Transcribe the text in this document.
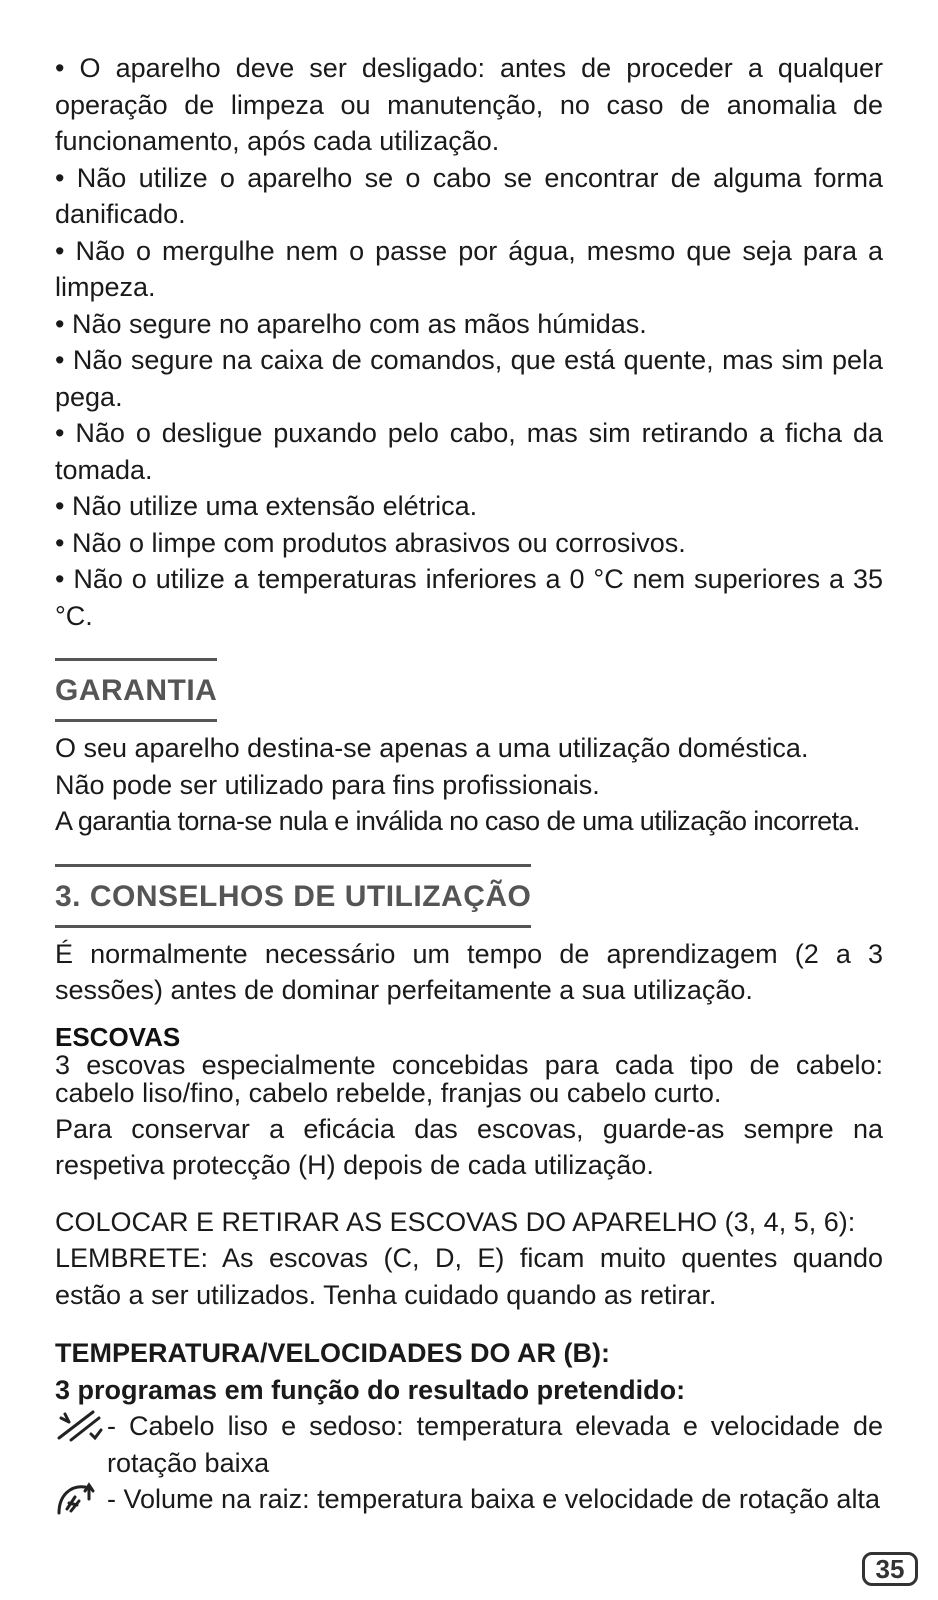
• O aparelho deve ser desligado: antes de proceder a qualquer operação de limpeza ou manutenção, no caso de anomalia de funcionamento, após cada utilização.

• Não utilize o aparelho se o cabo se encontrar de alguma forma danificado.

• Não o mergulhe nem o passe por água, mesmo que seja para a limpeza.

• Não segure no aparelho com as mãos húmidas.

• Não segure na caixa de comandos, que está quente, mas sim pela pega.

• Não o desligue puxando pelo cabo, mas sim retirando a ficha da tomada.

• Não utilize uma extensão elétrica.

• Não o limpe com produtos abrasivos ou corrosivos.

• Não o utilize a temperaturas inferiores a 0 °C nem superiores a 35 °C.

GARANTIA

O seu aparelho destina-se apenas a uma utilização doméstica.

Não pode ser utilizado para fins profissionais.

A garantia torna-se nula e inválida no caso de uma utilização incorreta.

3. CONSELHOS DE UTILIZAÇÃO

É normalmente necessário um tempo de aprendizagem (2 a 3 sessões) antes de dominar perfeitamente a sua utilização.

ESCOVAS

3 escovas especialmente concebidas para cada tipo de cabelo: cabelo liso/fino, cabelo rebelde, franjas ou cabelo curto.

Para conservar a eficácia das escovas, guarde-as sempre na respetiva protecção (H) depois de cada utilização.

COLOCAR E RETIRAR AS ESCOVAS DO APARELHO (3, 4, 5, 6):

LEMBRETE: As escovas (C, D, E) ficam muito quentes quando estão a ser utilizados. Tenha cuidado quando as retirar.

TEMPERATURA/VELOCIDADES DO AR (B):

3 programas em função do resultado pretendido:

- Cabelo liso e sedoso: temperatura elevada e velocidade de rotação baixa
- Volume na raiz: temperatura baixa e velocidade de rotação alta
35
